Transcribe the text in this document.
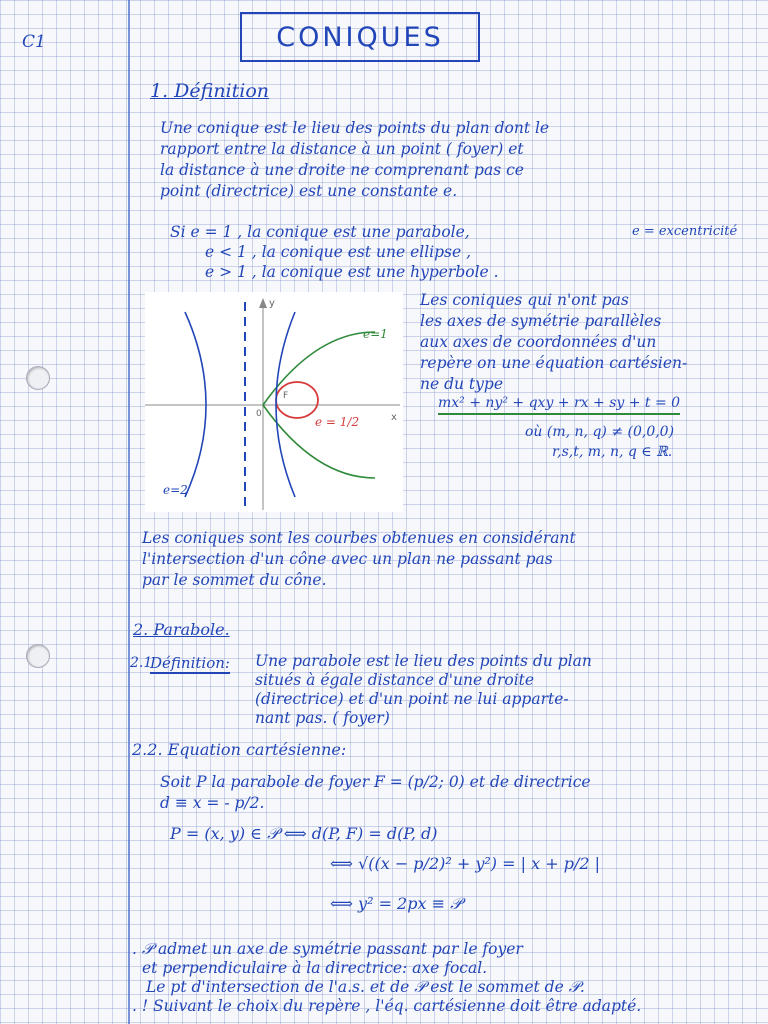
C1	CONIQUES
1. Définition
Une conique est le lieu des points du plan dont le
rapport entre la distance à un point ( foyer) et
la distance à une droite ne comprenant pas ce
point (directrice) est une constante e.
Si e = 1 , la conique est une parabole,
e < 1 , la conique est une ellipse ,
e > 1 , la conique est une hyperbole .
e = excentricité
x
y
0
F
e=1
e = 1/2
e=2
Les coniques qui n'ont pas
les axes de symétrie parallèles
aux axes de coordonnées d'un
repère on une équation cartésien-
ne du type
mx² + ny² + qxy + rx + sy + t = 0
où (m, n, q) ≠ (0,0,0)
r,s,t, m, n, q ∈ ℝ.
Les coniques sont les courbes obtenues en considérant
l'intersection d'un cône avec un plan ne passant pas
par le sommet du cône.
2. Parabole.
2.1
Définition: Une parabole est le lieu des points du plan
situés à égale distance d'une droite
(directrice) et d'un point ne lui apparte-
nant pas. ( foyer)
2.2. Equation cartésienne:
Soit P la parabole de foyer F = (p/2; 0) et de directrice
d ≡ x = - p/2.
P = (x, y) ∈ 𝒫 ⟺ d(P, F) = d(P, d)
⟺ √((x − p/2)² + y²) = | x + p/2 |
⟺ y² = 2px ≡ 𝒫
. 𝒫 admet un axe de symétrie passant par le foyer
et perpendiculaire à la directrice: axe focal.
Le pt d'intersection de l'a.s. et de 𝒫 est le sommet de 𝒫.
. ! Suivant le choix du repère , l'éq. cartésienne doit être adapté.
